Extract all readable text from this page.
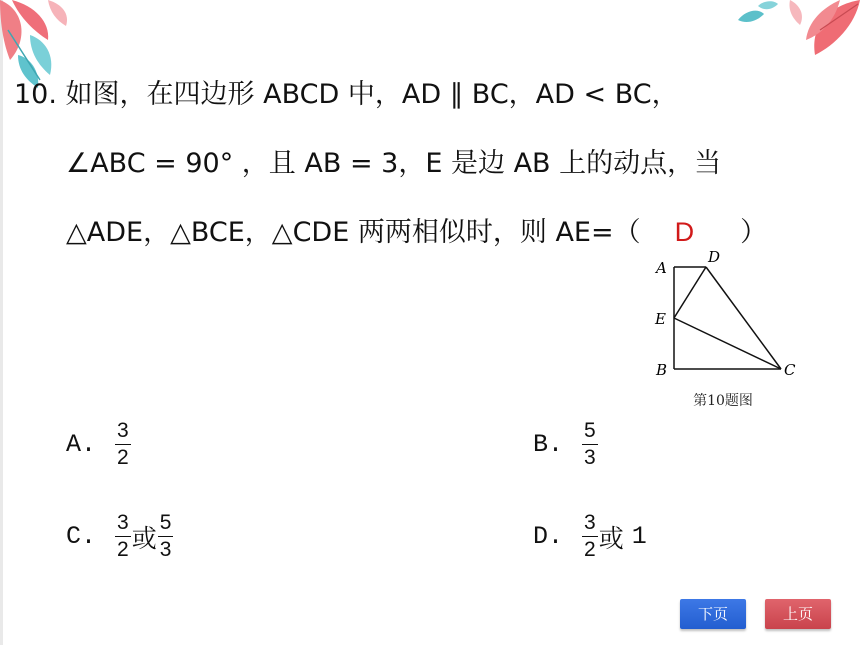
10. 如图，在四边形 ABCD 中，AD ∥ BC，AD < BC，
∠ABC = 90° ，且 AB = 3，E 是边 AB 上的动点，当
△ADE，△BCE，△CDE 两两相似时，则 AE=（ D ）
A
D
E
B	C
第10题图
A. $\frac{3}{2}$	B. $\frac{5}{3}$
C. $\frac{3}{2}$ 或 $\frac{5}{3}$	D. $\frac{3}{2}$ 或 1
下页	上页
